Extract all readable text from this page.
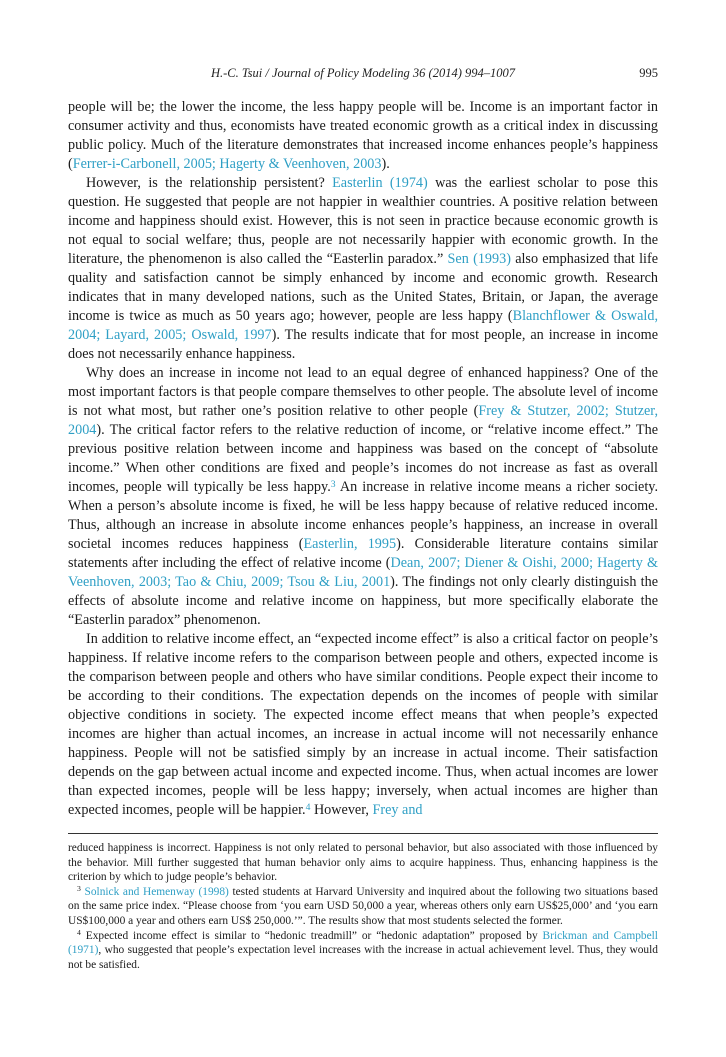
H.-C. Tsui / Journal of Policy Modeling 36 (2014) 994–1007	995

people will be; the lower the income, the less happy people will be. Income is an important factor in consumer activity and thus, economists have treated economic growth as a critical index in discussing public policy. Much of the literature demonstrates that increased income enhances people’s happiness (Ferrer-i-Carbonell, 2005; Hagerty & Veenhoven, 2003).

However, is the relationship persistent? Easterlin (1974) was the earliest scholar to pose this question. He suggested that people are not happier in wealthier countries. A positive relation between income and happiness should exist. However, this is not seen in practice because economic growth is not equal to social welfare; thus, people are not necessarily happier with economic growth. In the literature, the phenomenon is also called the “Easterlin paradox.” Sen (1993) also emphasized that life quality and satisfaction cannot be simply enhanced by income and economic growth. Research indicates that in many developed nations, such as the United States, Britain, or Japan, the average income is twice as much as 50 years ago; however, people are less happy (Blanchflower & Oswald, 2004; Layard, 2005; Oswald, 1997). The results indicate that for most people, an increase in income does not necessarily enhance happiness.

Why does an increase in income not lead to an equal degree of enhanced happiness? One of the most important factors is that people compare themselves to other people. The absolute level of income is not what most, but rather one’s position relative to other people (Frey & Stutzer, 2002; Stutzer, 2004). The critical factor refers to the relative reduction of income, or “relative income effect.” The previous positive relation between income and happiness was based on the concept of “absolute income.” When other conditions are fixed and people’s incomes do not increase as fast as overall incomes, people will typically be less happy.$^3$ An increase in relative income means a richer society. When a person’s absolute income is fixed, he will be less happy because of relative reduced income. Thus, although an increase in absolute income enhances people’s happiness, an increase in overall societal incomes reduces happiness (Easterlin, 1995). Considerable literature contains similar statements after including the effect of relative income (Dean, 2007; Diener & Oishi, 2000; Hagerty & Veenhoven, 2003; Tao & Chiu, 2009; Tsou & Liu, 2001). The findings not only clearly distinguish the effects of absolute income and relative income on happiness, but more specifically elaborate the “Easterlin paradox” phenomenon.

In addition to relative income effect, an “expected income effect” is also a critical factor on people’s happiness. If relative income refers to the comparison between people and others, expected income is the comparison between people and others who have similar conditions. People expect their income to be according to their conditions. The expectation depends on the incomes of people with similar objective conditions in society. The expected income effect means that when people’s expected incomes are higher than actual incomes, an increase in actual income will not necessarily enhance happiness. People will not be satisfied simply by an increase in actual income. Their satisfaction depends on the gap between actual income and expected income. Thus, when actual incomes are lower than expected incomes, people will be less happy; inversely, when actual incomes are higher than expected incomes, people will be happier.$^4$ However, Frey and

reduced happiness is incorrect. Happiness is not only related to personal behavior, but also associated with those influenced by the behavior. Mill further suggested that human behavior only aims to acquire happiness. Thus, enhancing happiness is the criterion by which to judge people’s behavior.

$^3$ Solnick and Hemenway (1998) tested students at Harvard University and inquired about the following two situations based on the same price index. “Please choose from ‘you earn USD 50,000 a year, whereas others only earn US$25,000’ and ‘you earn US$100,000 a year and others earn US$ 250,000.’”. The results show that most students selected the former.

$^4$ Expected income effect is similar to “hedonic treadmill” or “hedonic adaptation” proposed by Brickman and Campbell (1971), who suggested that people’s expectation level increases with the increase in actual achievement level. Thus, they would not be satisfied.
